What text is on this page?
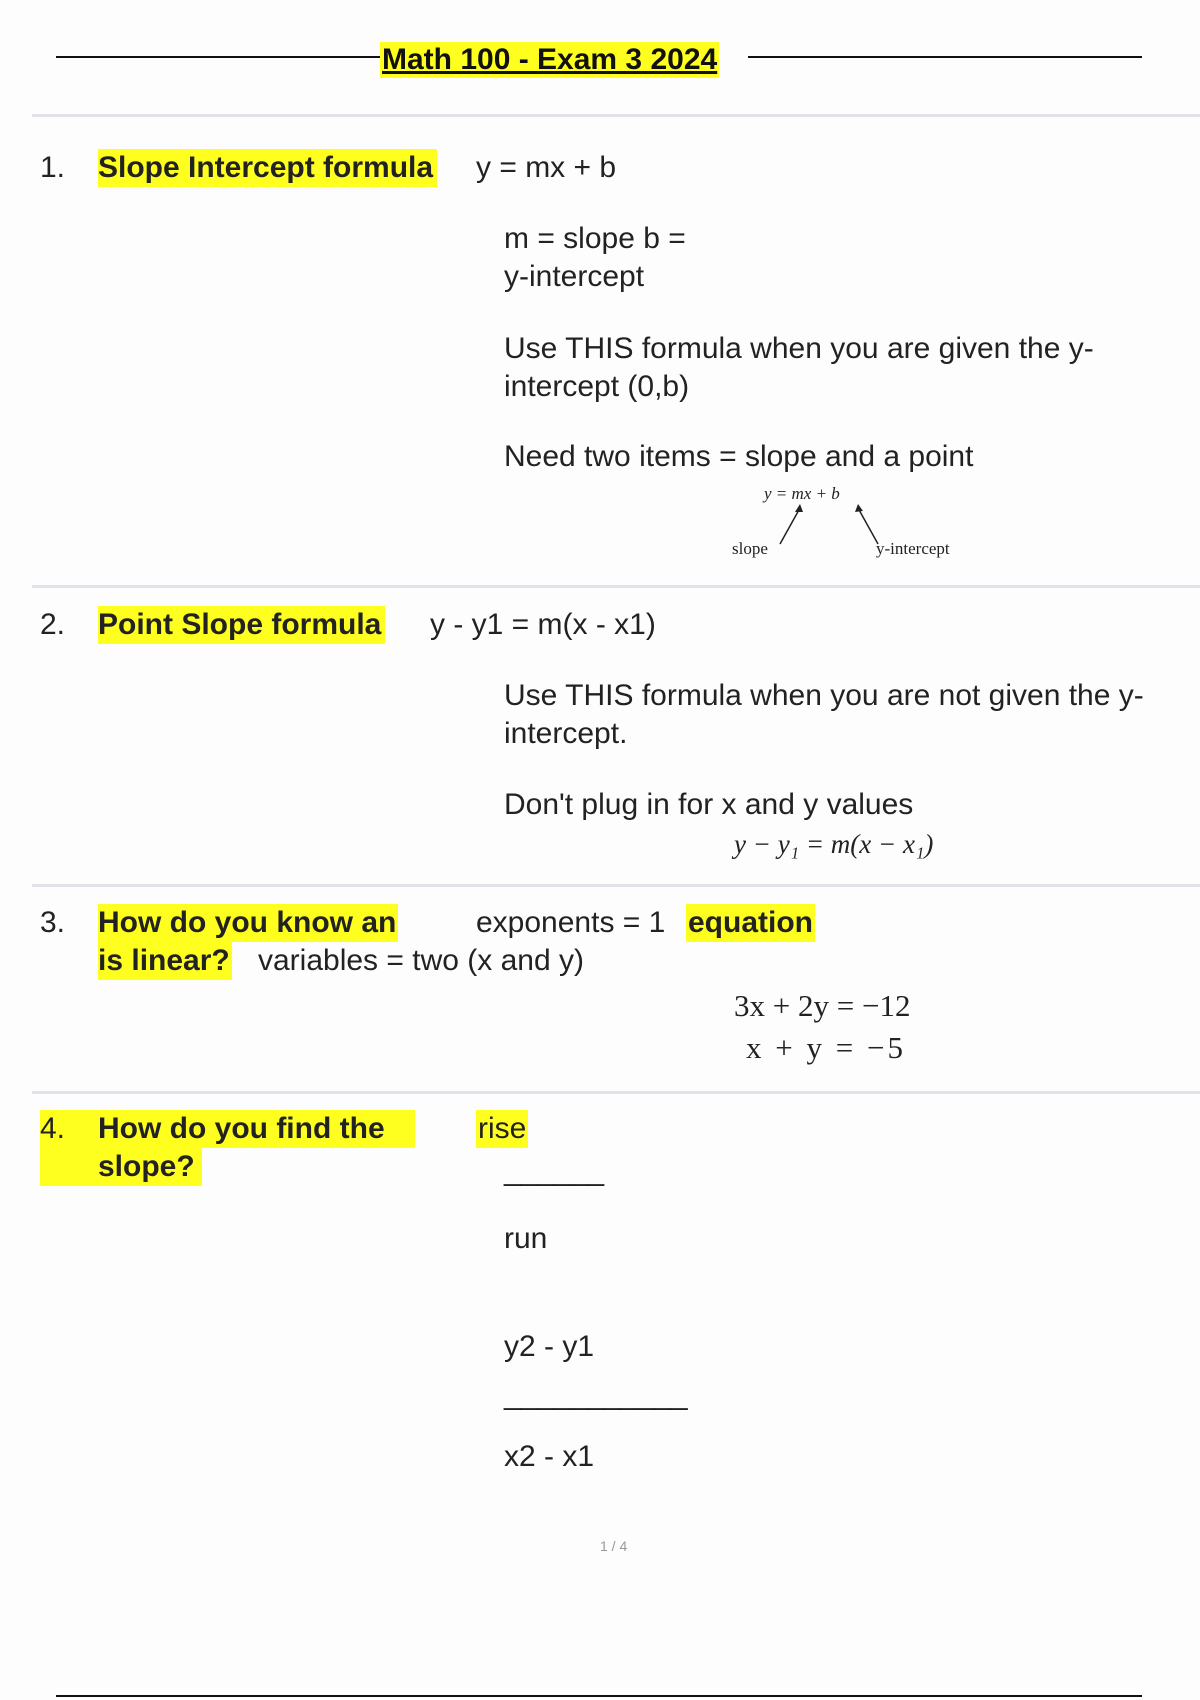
Math 100 - Exam 3 2024
1. Slope Intercept formula y = mx + b
m = slope b = y-intercept
Use THIS formula when you are given the y-intercept (0,b)
Need two items = slope and a point
y = mx + b
slope	y-intercept
2. Point Slope formula y - y1 = m(x - x1)
Use THIS formula when you are not given the y-intercept.
Don't plug in for x and y values
y − y₁ = m(x − x₁)
3. How do you know an	exponents = 1 equation
is linear? variables = two (x and y)
3x + 2y = −12
x + y = −5
4. How do you find the
slope?
rise
______
run
y2 - y1
___________
x2 - x1
1 / 4
